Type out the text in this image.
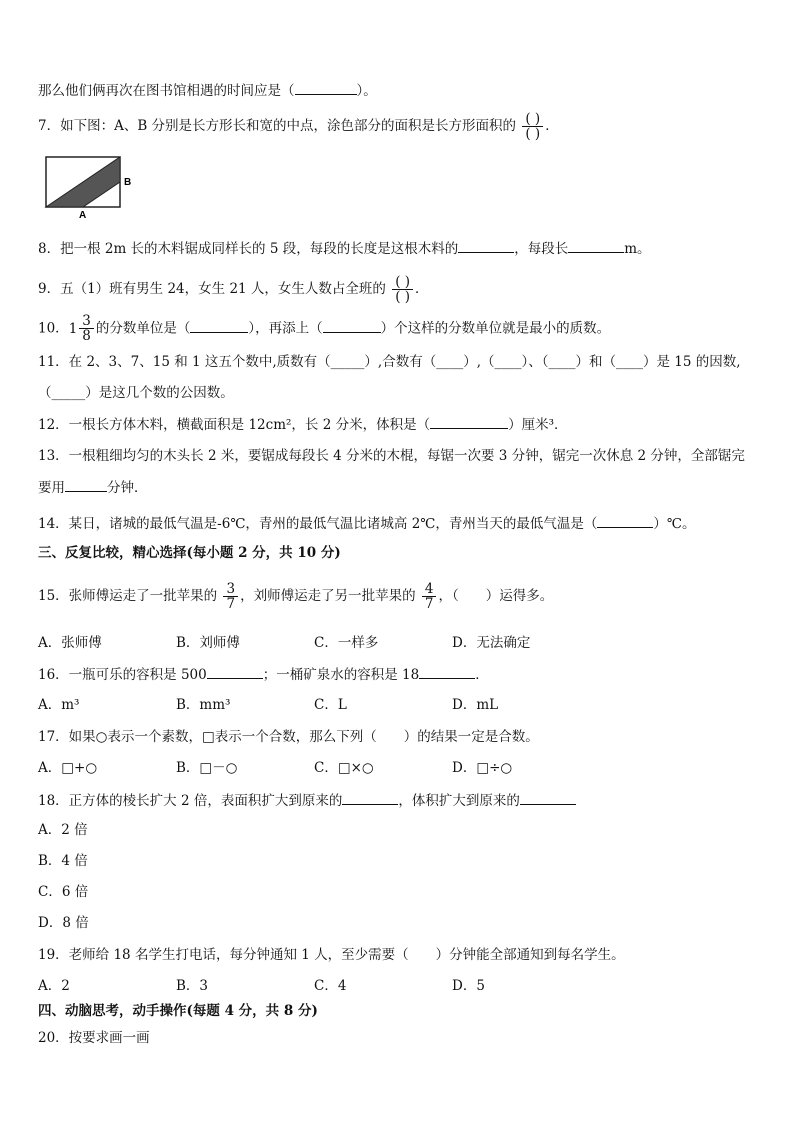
那么他们俩再次在图书馆相遇的时间应是（	）。
7．如下图：A、B 分别是长方形长和宽的中点，涂色部分的面积是长方形面积的 $\frac{( )}{( )}$ ．
B
A
8．把一根 2m 长的木料锯成同样长的 5 段，每段的长度是这根木料的	，每段长	m。
9．五（1）班有男生 24，女生 21 人，女生人数占全班的 $\frac{( )}{( )}$ ．
10． $1 \frac{3}{8}$ 的分数单位是（	），再添上（	）个这样的分数单位就是最小的质数。
11．在 2、3、7、15 和 1 这五个数中,质数有（_____）,合数有（____）,（____）、（____）和（____）是 15 的因数,
（_____）是这几个数的公因数。
12．一根长方体木料，横截面积是 12cm²，长 2 分米，体积是（	）厘米³．
13．一根粗细均匀的木头长 2 米，要锯成每段长 4 分米的木棍，每锯一次要 3 分钟，锯完一次休息 2 分钟，全部锯完
要用	分钟．
14．某日，诸城的最低气温是-6℃，青州的最低气温比诸城高 2℃，青州当天的最低气温是（	）℃。
三、反复比较，精心选择(每小题 2 分，共 10 分)
15．张师傅运走了一批苹果的 $\frac{3}{7}$ ，刘师傅运走了另一批苹果的 $\frac{4}{7}$ ，（　　）运得多。
A．张师傅	B．刘师傅	C．一样多	D．无法确定
16．一瓶可乐的容积是 500	；一桶矿泉水的容积是 18	．
A．m³	B．mm³	C．L	D．mL
17．如果○表示一个素数，□表示一个合数，那么下列（　　）的结果一定是合数。
A．□+○	B．□－○	C．□×○	D．□÷○
18．正方体的棱长扩大 2 倍，表面积扩大到原来的	，体积扩大到原来的
A．2 倍
B．4 倍
C．6 倍
D．8 倍
19．老师给 18 名学生打电话，每分钟通知 1 人，至少需要（　　）分钟能全部通知到每名学生。
A．2	B．3	C．4	D．5
四、动脑思考，动手操作(每题 4 分，共 8 分)
20．按要求画一画
